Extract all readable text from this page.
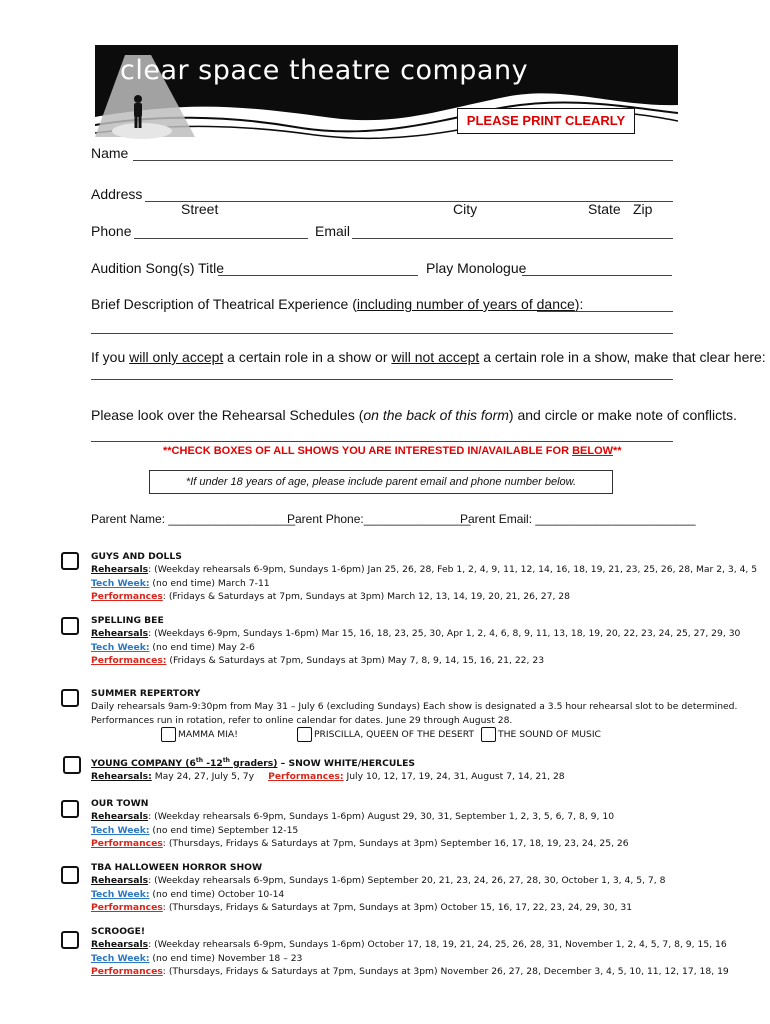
clear space theatre company
PLEASE PRINT CLEARLY
Name
Address
Street	City	State Zip
Phone	Email
Audition Song(s) Title	Play Monologue
Brief Description of Theatrical Experience (including number of years of dance):
If you will only accept a certain role in a show or will not accept a certain role in a show, make that clear here:
Please look over the Rehearsal Schedules (on the back of this form) and circle or make note of conflicts.
**CHECK BOXES OF ALL SHOWS YOU ARE INTERESTED IN/AVAILABLE FOR BELOW**
*If under 18 years of age, please include parent email and phone number below.
Parent Name: ___________________
Parent Phone:________________
Parent Email: ________________________
GUYS AND DOLLS
Rehearsals: (Weekday rehearsals 6-9pm, Sundays 1-6pm) Jan 25, 26, 28, Feb 1, 2, 4, 9, 11, 12, 14, 16, 18, 19, 21, 23, 25, 26, 28, Mar 2, 3, 4, 5
Tech Week: (no end time) March 7-11
Performances: (Fridays & Saturdays at 7pm, Sundays at 3pm) March 12, 13, 14, 19, 20, 21, 26, 27, 28
SPELLING BEE
Rehearsals: (Weekdays 6-9pm, Sundays 1-6pm) Mar 15, 16, 18, 23, 25, 30, Apr 1, 2, 4, 6, 8, 9, 11, 13, 18, 19, 20, 22, 23, 24, 25, 27, 29, 30
Tech Week: (no end time) May 2-6
Performances: (Fridays & Saturdays at 7pm, Sundays at 3pm) May 7, 8, 9, 14, 15, 16, 21, 22, 23
SUMMER REPERTORY
Daily rehearsals 9am-9:30pm from May 31 – July 6 (excluding Sundays) Each show is designated a 3.5 hour rehearsal slot to be determined.
Performances run in rotation, refer to online calendar for dates. June 29 through August 28.
MAMMA MIA!	PRISCILLA, QUEEN OF THE DESERT	THE SOUND OF MUSIC
YOUNG COMPANY (6th -12th graders) – SNOW WHITE/HERCULES
Rehearsals: May 24, 27, July 5, 7y Performances: July 10, 12, 17, 19, 24, 31, August 7, 14, 21, 28
OUR TOWN
Rehearsals: (Weekday rehearsals 6-9pm, Sundays 1-6pm) August 29, 30, 31, September 1, 2, 3, 5, 6, 7, 8, 9, 10
Tech Week: (no end time) September 12-15
Performances: (Thursdays, Fridays & Saturdays at 7pm, Sundays at 3pm) September 16, 17, 18, 19, 23, 24, 25, 26
TBA HALLOWEEN HORROR SHOW
Rehearsals: (Weekday rehearsals 6-9pm, Sundays 1-6pm) September 20, 21, 23, 24, 26, 27, 28, 30, October 1, 3, 4, 5, 7, 8
Tech Week: (no end time) October 10-14
Performances: (Thursdays, Fridays & Saturdays at 7pm, Sundays at 3pm) October 15, 16, 17, 22, 23, 24, 29, 30, 31
SCROOGE!
Rehearsals: (Weekday rehearsals 6-9pm, Sundays 1-6pm) October 17, 18, 19, 21, 24, 25, 26, 28, 31, November 1, 2, 4, 5, 7, 8, 9, 15, 16
Tech Week: (no end time) November 18 – 23
Performances: (Thursdays, Fridays & Saturdays at 7pm, Sundays at 3pm) November 26, 27, 28, December 3, 4, 5, 10, 11, 12, 17, 18, 19
